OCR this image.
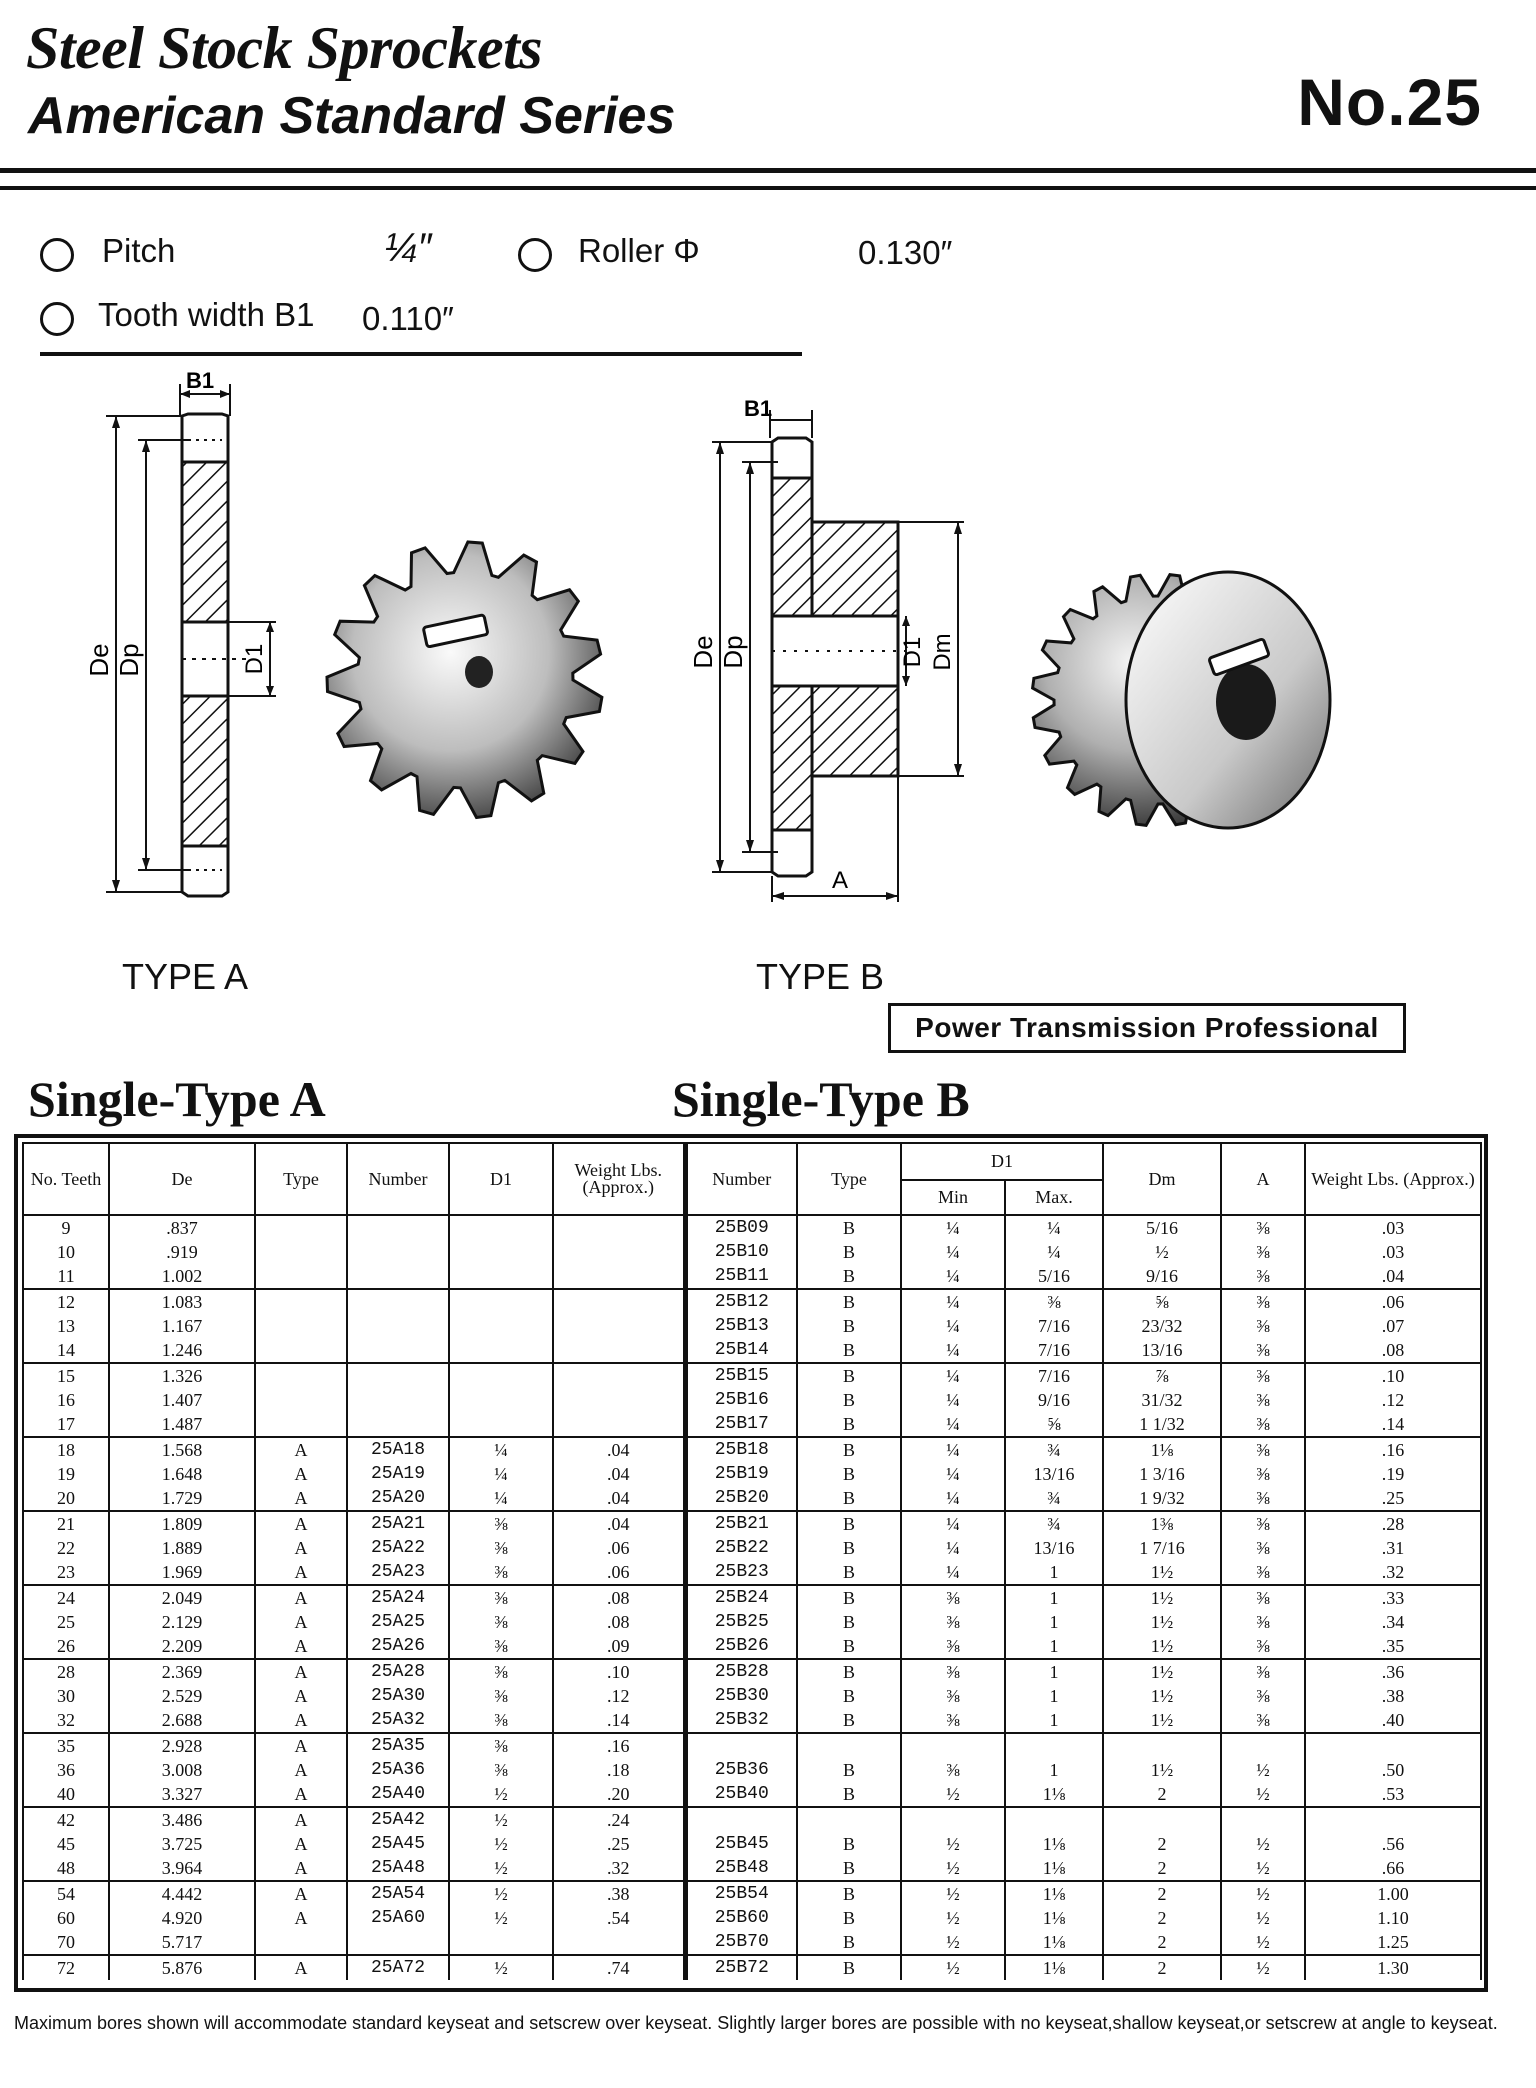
Steel Stock Sprockets
American Standard Series	No.25
Pitch	¼″	Roller Φ	0.130″
Tooth width B1 0.110″
B1
De Dp	D1
B1
De Dp	D1 Dm
A
TYPE A	TYPE B
Power Transmission Professional
Single-Type A	Single-Type B
No. Teeth	De	Type	Number	D1	Weight Lbs. (Approx.)	Number	Type	D1		Dm	A	Weight Lbs. (Approx.)
								Min	Max.			
9	.837					25B09	B	¼	¼	5/16	⅜	.03
10	.919					25B10	B	¼	¼	½	⅜	.03
11	1.002					25B11	B	¼	5/16	9/16	⅜	.04
12	1.083					25B12	B	¼	⅜	⅝	⅜	.06
13	1.167					25B13	B	¼	7/16	23/32	⅜	.07
14	1.246					25B14	B	¼	7/16	13/16	⅜	.08
15	1.326					25B15	B	¼	7/16	⅞	⅜	.10
16	1.407					25B16	B	¼	9/16	31/32	⅜	.12
17	1.487					25B17	B	¼	⅝	1 1/32	⅜	.14
18	1.568	A	25A18	¼	.04	25B18	B	¼	¾	1⅛	⅜	.16
19	1.648	A	25A19	¼	.04	25B19	B	¼	13/16	1 3/16	⅜	.19
20	1.729	A	25A20	¼	.04	25B20	B	¼	¾	1 9/32	⅜	.25
21	1.809	A	25A21	⅜	.04	25B21	B	¼	¾	1⅜	⅜	.28
22	1.889	A	25A22	⅜	.06	25B22	B	¼	13/16	1 7/16	⅜	.31
23	1.969	A	25A23	⅜	.06	25B23	B	¼	1	1½	⅜	.32
24	2.049	A	25A24	⅜	.08	25B24	B	⅜	1	1½	⅜	.33
25	2.129	A	25A25	⅜	.08	25B25	B	⅜	1	1½	⅜	.34
26	2.209	A	25A26	⅜	.09	25B26	B	⅜	1	1½	⅜	.35
28	2.369	A	25A28	⅜	.10	25B28	B	⅜	1	1½	⅜	.36
30	2.529	A	25A30	⅜	.12	25B30	B	⅜	1	1½	⅜	.38
32	2.688	A	25A32	⅜	.14	25B32	B	⅜	1	1½	⅜	.40
35	2.928	A	25A35	⅜	.16							
36	3.008	A	25A36	⅜	.18	25B36	B	⅜	1	1½	½	.50
40	3.327	A	25A40	½	.20	25B40	B	½	1⅛	2	½	.53
42	3.486	A	25A42	½	.24							
45	3.725	A	25A45	½	.25	25B45	B	½	1⅛	2	½	.56
48	3.964	A	25A48	½	.32	25B48	B	½	1⅛	2	½	.66
54	4.442	A	25A54	½	.38	25B54	B	½	1⅛	2	½	1.00
60	4.920	A	25A60	½	.54	25B60	B	½	1⅛	2	½	1.10
70	5.717					25B70	B	½	1⅛	2	½	1.25
72	5.876	A	25A72	½	.74	25B72	B	½	1⅛	2	½	1.30
Maximum bores shown will accommodate standard keyseat and setscrew over keyseat. Slightly larger bores are possible with no keyseat,shallow keyseat,or setscrew at angle to keyseat.
